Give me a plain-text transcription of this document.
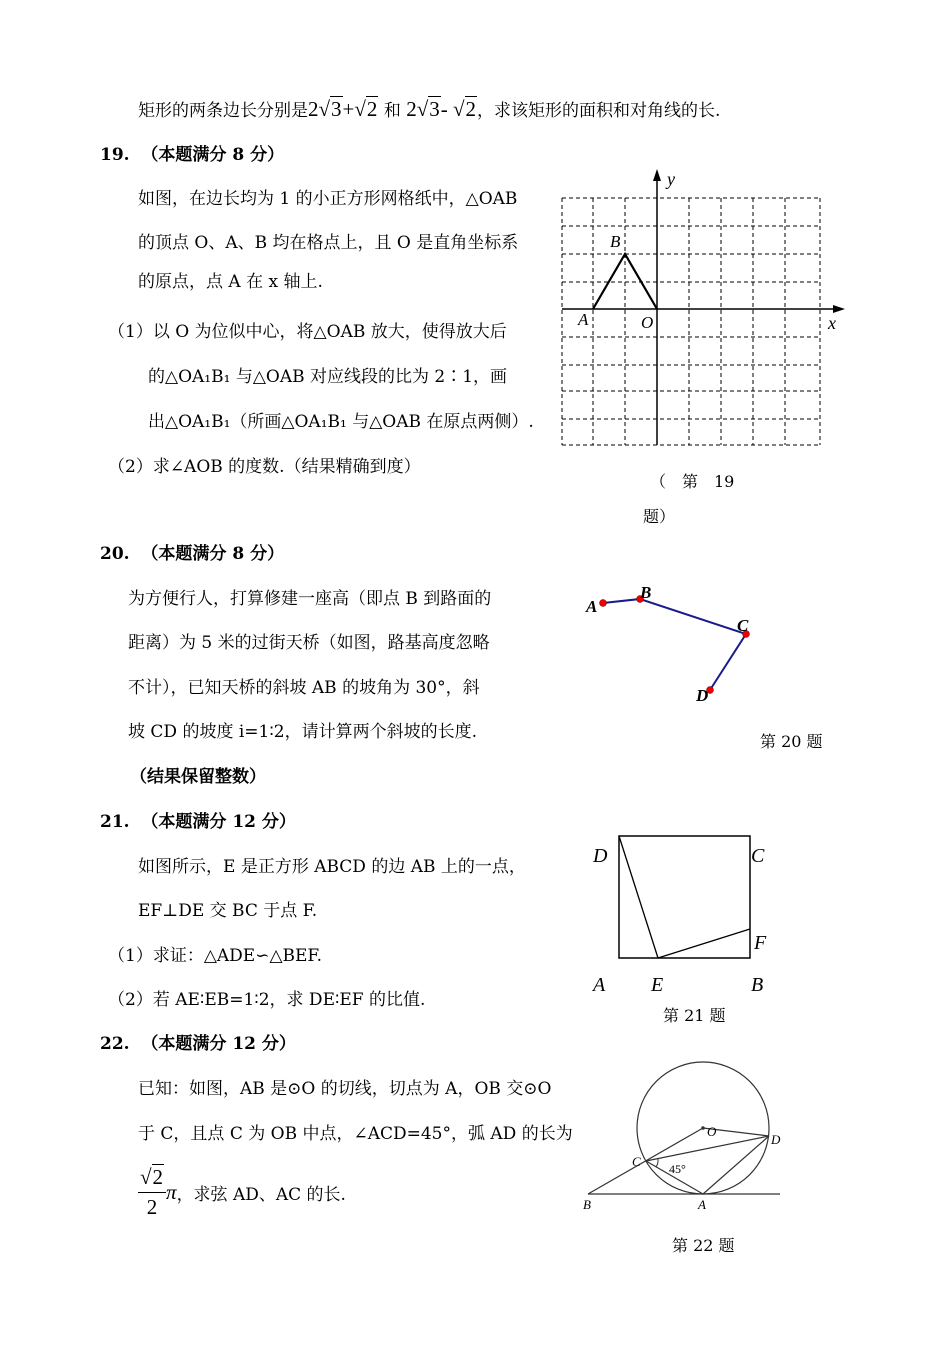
矩形的两条边长分别是2√3+√2 和 2√3- √2，求该矩形的面积和对角线的长.
19. （本题满分 8 分）
如图，在边长均为 1 的小正方形网格纸中，△OAB
的顶点 O、A、B 均在格点上，且 O 是直角坐标系
的原点，点 A 在 x 轴上.
（1）以 O 为位似中心，将△OAB 放大，使得放大后
的△OA₁B₁ 与△OAB 对应线段的比为 2∶1，画
出△OA₁B₁（所画△OA₁B₁ 与△OAB 在原点两侧）.
（2）求∠AOB 的度数.（结果精确到度）
y
x
A
B
O
（　第　19
题）
20. （本题满分 8 分）
为方便行人，打算修建一座高（即点 B 到路面的
距离）为 5 米的过街天桥（如图，路基高度忽略
不计），已知天桥的斜坡 AB 的坡角为 30°，斜
坡 CD 的坡度 i=1∶2，请计算两个斜坡的长度.
（结果保留整数）
A
B
C
D
第 20 题
21. （本题满分 12 分）
如图所示，E 是正方形 ABCD 的边 AB 上的一点，
EF⊥DE 交 BC 于点 F.
（1）求证：△ADE∽△BEF.
（2）若 AE∶EB=1∶2，求 DE∶EF 的比值.
D	C
F
A E	B
第 21 题
22. （本题满分 12 分）
已知：如图，AB 是⊙O 的切线，切点为 A，OB 交⊙O
于 C，且点 C 为 OB 中点，∠ACD=45°，弧 AD 的长为
$\frac{√2}{2}$ π，求弦 AD、AC 的长.
O
D
C 45°
B	A
第 22 题
